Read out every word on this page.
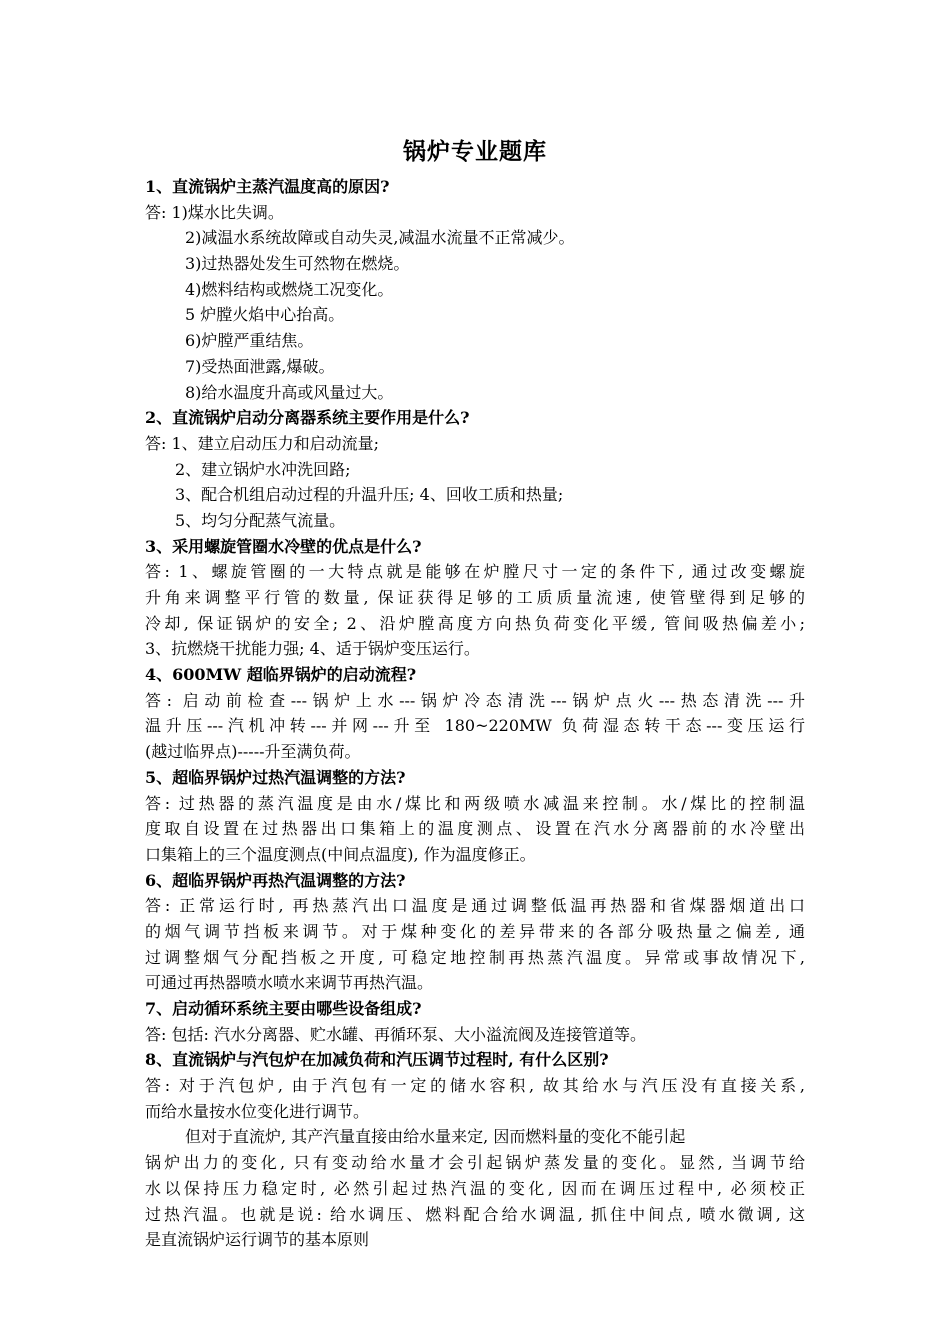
锅炉专业题库
1、直流锅炉主蒸汽温度高的原因?
答: 1)煤水比失调。
2)减温水系统故障或自动失灵,减温水流量不正常减少。
3)过热器处发生可然物在燃烧。
4)燃料结构或燃烧工况变化。
5 炉膛火焰中心抬高。
6)炉膛严重结焦。
7)受热面泄露,爆破。
8)给水温度升高或风量过大。
2、直流锅炉启动分离器系统主要作用是什么?
答: 1、建立启动压力和启动流量;
2、建立锅炉水冲洗回路;
3、配合机组启动过程的升温升压; 4、回收工质和热量;
5、均匀分配蒸气流量。
3、采用螺旋管圈水冷壁的优点是什么?
答: 1、螺旋管圈的一大特点就是能够在炉膛尺寸一定的条件下, 通过改变螺旋
升角来调整平行管的数量, 保证获得足够的工质质量流速, 使管壁得到足够的
冷却, 保证锅炉的安全; 2、沿炉膛高度方向热负荷变化平缓, 管间吸热偏差小;
3、抗燃烧干扰能力强; 4、适于锅炉变压运行。
4、600MW 超临界锅炉的启动流程?
答: 启动前检查---锅炉上水---锅炉冷态清洗---锅炉点火---热态清洗---升
温升压---汽机冲转---并网---升至 180~220MW 负荷湿态转干态---变压运行
(越过临界点)-----升至满负荷。
5、超临界锅炉过热汽温调整的方法?
答: 过热器的蒸汽温度是由水/煤比和两级喷水减温来控制。水/煤比的控制温
度取自设置在过热器出口集箱上的温度测点、设置在汽水分离器前的水冷壁出
口集箱上的三个温度测点(中间点温度), 作为温度修正。
6、超临界锅炉再热汽温调整的方法?
答: 正常运行时, 再热蒸汽出口温度是通过调整低温再热器和省煤器烟道出口
的烟气调节挡板来调节。对于煤种变化的差异带来的各部分吸热量之偏差, 通
过调整烟气分配挡板之开度, 可稳定地控制再热蒸汽温度。异常或事故情况下,
可通过再热器喷水喷水来调节再热汽温。
7、启动循环系统主要由哪些设备组成?
答: 包括: 汽水分离器、贮水罐、再循环泵、大小溢流阀及连接管道等。
8、直流锅炉与汽包炉在加减负荷和汽压调节过程时, 有什么区别?
答: 对于汽包炉, 由于汽包有一定的储水容积, 故其给水与汽压没有直接关系,
而给水量按水位变化进行调节。
但对于直流炉, 其产汽量直接由给水量来定, 因而燃料量的变化不能引起
锅炉出力的变化, 只有变动给水量才会引起锅炉蒸发量的变化。显然, 当调节给
水以保持压力稳定时, 必然引起过热汽温的变化, 因而在调压过程中, 必须校正
过热汽温。也就是说: 给水调压、燃料配合给水调温, 抓住中间点, 喷水微调, 这
是直流锅炉运行调节的基本原则
